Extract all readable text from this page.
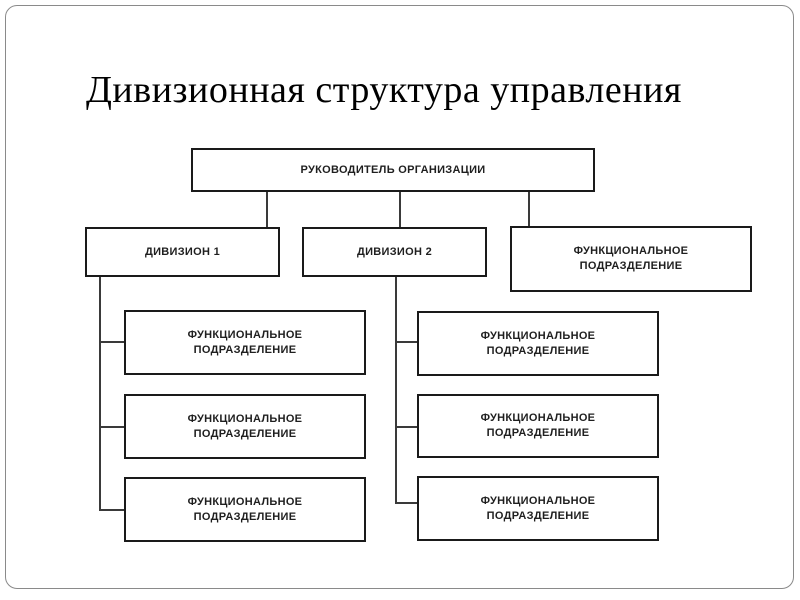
Дивизионная структура управления
РУКОВОДИТЕЛЬ ОРГАНИЗАЦИИ
ДИВИЗИОН 1	ДИВИЗИОН 2	ФУНКЦИОНАЛЬНОЕ ПОДРАЗДЕЛЕНИЕ
ФУНКЦИОНАЛЬНОЕ ПОДРАЗДЕЛЕНИЕ
ФУНКЦИОНАЛЬНОЕ ПОДРАЗДЕЛЕНИЕ
ФУНКЦИОНАЛЬНОЕ ПОДРАЗДЕЛЕНИЕ
ФУНКЦИОНАЛЬНОЕ ПОДРАЗДЕЛЕНИЕ
ФУНКЦИОНАЛЬНОЕ ПОДРАЗДЕЛЕНИЕ
ФУНКЦИОНАЛЬНОЕ ПОДРАЗДЕЛЕНИЕ
